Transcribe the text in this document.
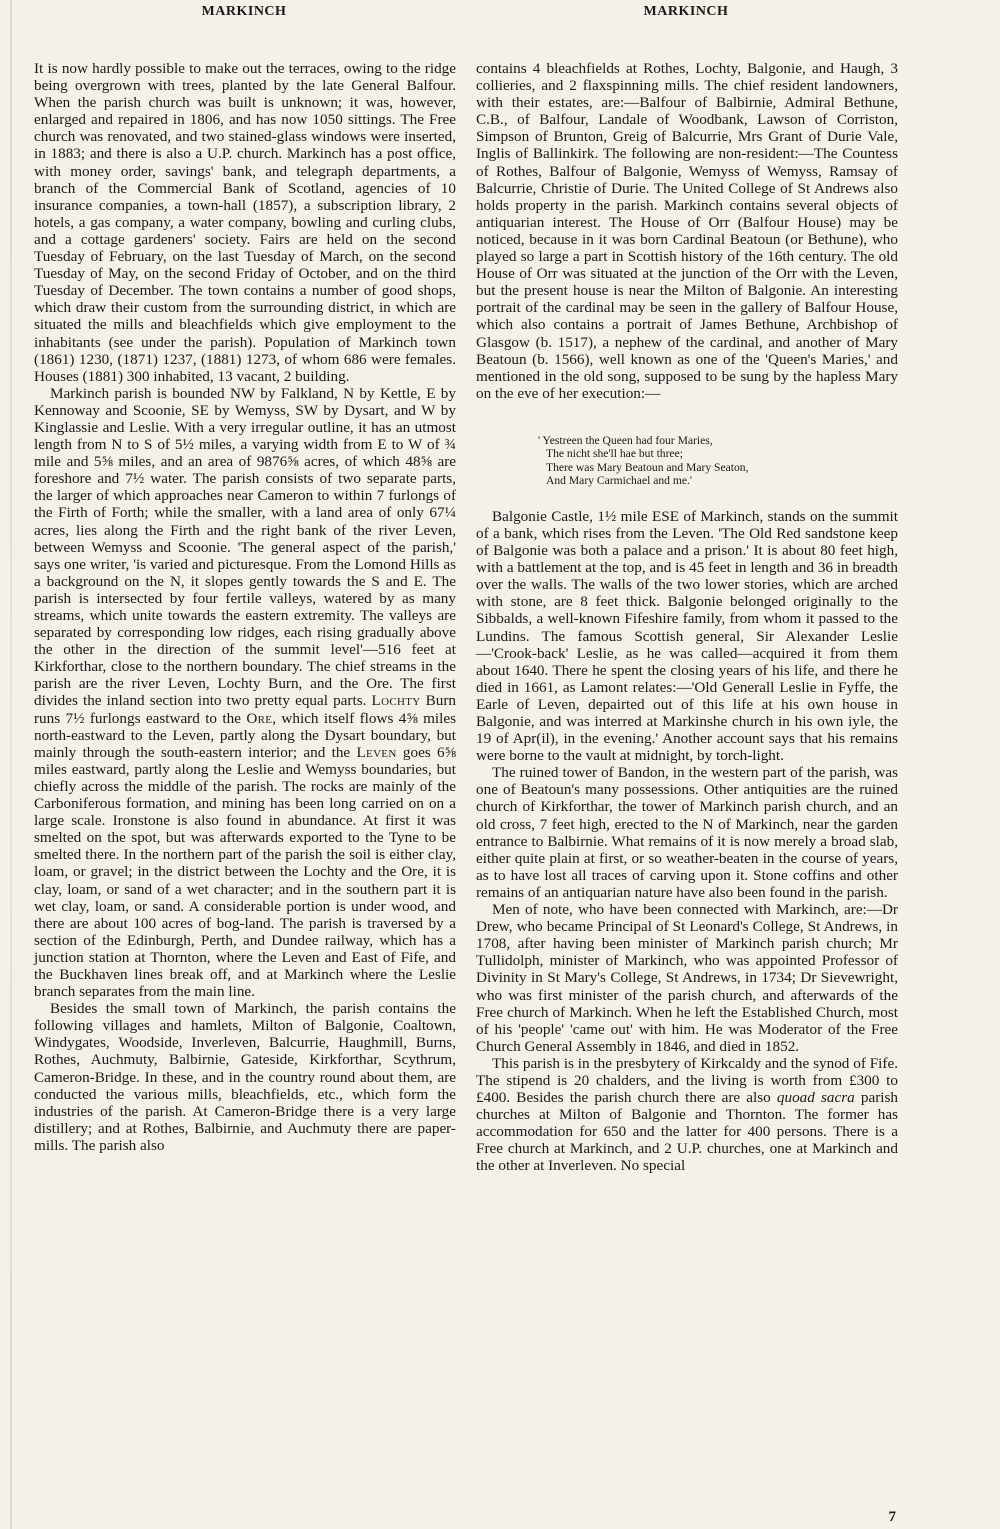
MARKINCH	MARKINCH

It is now hardly possible to make out the terraces, owing to the ridge being overgrown with trees, planted by the late General Balfour. When the parish church was built is unknown; it was, however, enlarged and repaired in 1806, and has now 1050 sittings. The Free church was renovated, and two stained-glass windows were inserted, in 1883; and there is also a U.P. church. Markinch has a post office, with money order, savings' bank, and telegraph departments, a branch of the Commercial Bank of Scotland, agencies of 10 insurance companies, a town-hall (1857), a subscription library, 2 hotels, a gas company, a water company, bowling and curling clubs, and a cottage gardeners' society. Fairs are held on the second Tuesday of February, on the last Tuesday of March, on the second Tuesday of May, on the second Friday of October, and on the third Tuesday of December. The town contains a number of good shops, which draw their custom from the surrounding district, in which are situated the mills and bleachfields which give employment to the inhabitants (see under the parish). Population of Markinch town (1861) 1230, (1871) 1237, (1881) 1273, of whom 686 were females. Houses (1881) 300 inhabited, 13 vacant, 2 building.

Markinch parish is bounded NW by Falkland, N by Kettle, E by Kennoway and Scoonie, SE by Wemyss, SW by Dysart, and W by Kinglassie and Leslie. With a very irregular outline, it has an utmost length from N to S of 5½ miles, a varying width from E to W of ¾ mile and 5⅝ miles, and an area of 9876⅝ acres, of which 48⅝ are foreshore and 7½ water. The parish consists of two separate parts, the larger of which approaches near Cameron to within 7 furlongs of the Firth of Forth; while the smaller, with a land area of only 67¼ acres, lies along the Firth and the right bank of the river Leven, between Wemyss and Scoonie. 'The general aspect of the parish,' says one writer, 'is varied and picturesque. From the Lomond Hills as a background on the N, it slopes gently towards the S and E. The parish is intersected by four fertile valleys, watered by as many streams, which unite towards the eastern extremity. The valleys are separated by corresponding low ridges, each rising gradually above the other in the direction of the summit level'—516 feet at Kirkforthar, close to the northern boundary. The chief streams in the parish are the river Leven, Lochty Burn, and the Ore. The first divides the inland section into two pretty equal parts. Lochty Burn runs 7½ furlongs eastward to the Ore, which itself flows 4⅝ miles north-eastward to the Leven, partly along the Dysart boundary, but mainly through the south-eastern interior; and the Leven goes 6⅝ miles eastward, partly along the Leslie and Wemyss boundaries, but chiefly across the middle of the parish. The rocks are mainly of the Carboniferous formation, and mining has been long carried on on a large scale. Ironstone is also found in abundance. At first it was smelted on the spot, but was afterwards exported to the Tyne to be smelted there. In the northern part of the parish the soil is either clay, loam, or gravel; in the district between the Lochty and the Ore, it is clay, loam, or sand of a wet character; and in the southern part it is wet clay, loam, or sand. A considerable portion is under wood, and there are about 100 acres of bog-land. The parish is traversed by a section of the Edinburgh, Perth, and Dundee railway, which has a junction station at Thornton, where the Leven and East of Fife, and the Buckhaven lines break off, and at Markinch where the Leslie branch separates from the main line.

Besides the small town of Markinch, the parish contains the following villages and hamlets, Milton of Balgonie, Coaltown, Windygates, Woodside, Inverleven, Balcurrie, Haughmill, Burns, Rothes, Auchmuty, Balbirnie, Gateside, Kirkforthar, Scythrum, Cameron-Bridge. In these, and in the country round about them, are conducted the various mills, bleachfields, etc., which form the industries of the parish. At Cameron-Bridge there is a very large distillery; and at Rothes, Balbirnie, and Auchmuty there are paper-mills. The parish also

contains 4 bleachfields at Rothes, Lochty, Balgonie, and Haugh, 3 collieries, and 2 flaxspinning mills. The chief resident landowners, with their estates, are:—Balfour of Balbirnie, Admiral Bethune, C.B., of Balfour, Landale of Woodbank, Lawson of Corriston, Simpson of Brunton, Greig of Balcurrie, Mrs Grant of Durie Vale, Inglis of Ballinkirk. The following are non-resident:—The Countess of Rothes, Balfour of Balgonie, Wemyss of Wemyss, Ramsay of Balcurrie, Christie of Durie. The United College of St Andrews also holds property in the parish. Markinch contains several objects of antiquarian interest. The House of Orr (Balfour House) may be noticed, because in it was born Cardinal Beatoun (or Bethune), who played so large a part in Scottish history of the 16th century. The old House of Orr was situated at the junction of the Orr with the Leven, but the present house is near the Milton of Balgonie. An interesting portrait of the cardinal may be seen in the gallery of Balfour House, which also contains a portrait of James Bethune, Archbishop of Glasgow (b. 1517), a nephew of the cardinal, and another of Mary Beatoun (b. 1566), well known as one of the 'Queen's Maries,' and mentioned in the old song, supposed to be sung by the hapless Mary on the eve of her execution:—

' Yestreen the Queen had four Maries,
The nicht she'll hae but three;
There was Mary Beatoun and Mary Seaton,
And Mary Carmichael and me.'

Balgonie Castle, 1½ mile ESE of Markinch, stands on the summit of a bank, which rises from the Leven. 'The Old Red sandstone keep of Balgonie was both a palace and a prison.' It is about 80 feet high, with a battlement at the top, and is 45 feet in length and 36 in breadth over the walls. The walls of the two lower stories, which are arched with stone, are 8 feet thick. Balgonie belonged originally to the Sibbalds, a well-known Fifeshire family, from whom it passed to the Lundins. The famous Scottish general, Sir Alexander Leslie—'Crook-back' Leslie, as he was called—acquired it from them about 1640. There he spent the closing years of his life, and there he died in 1661, as Lamont relates:—'Old Generall Leslie in Fyffe, the Earle of Leven, depairted out of this life at his own house in Balgonie, and was interred at Markinshe church in his own iyle, the 19 of Apr(il), in the evening.' Another account says that his remains were borne to the vault at midnight, by torch-light.

The ruined tower of Bandon, in the western part of the parish, was one of Beatoun's many possessions. Other antiquities are the ruined church of Kirkforthar, the tower of Markinch parish church, and an old cross, 7 feet high, erected to the N of Markinch, near the garden entrance to Balbirnie. What remains of it is now merely a broad slab, either quite plain at first, or so weather-beaten in the course of years, as to have lost all traces of carving upon it. Stone coffins and other remains of an antiquarian nature have also been found in the parish.

Men of note, who have been connected with Markinch, are:—Dr Drew, who became Principal of St Leonard's College, St Andrews, in 1708, after having been minister of Markinch parish church; Mr Tullidolph, minister of Markinch, who was appointed Professor of Divinity in St Mary's College, St Andrews, in 1734; Dr Sievewright, who was first minister of the parish church, and afterwards of the Free church of Markinch. When he left the Established Church, most of his 'people' 'came out' with him. He was Moderator of the Free Church General Assembly in 1846, and died in 1852.

This parish is in the presbytery of Kirkcaldy and the synod of Fife. The stipend is 20 chalders, and the living is worth from £300 to £400. Besides the parish church there are also quoad sacra parish churches at Milton of Balgonie and Thornton. The former has accommodation for 650 and the latter for 400 persons. There is a Free church at Markinch, and 2 U.P. churches, one at Markinch and the other at Inverleven. No special

7
